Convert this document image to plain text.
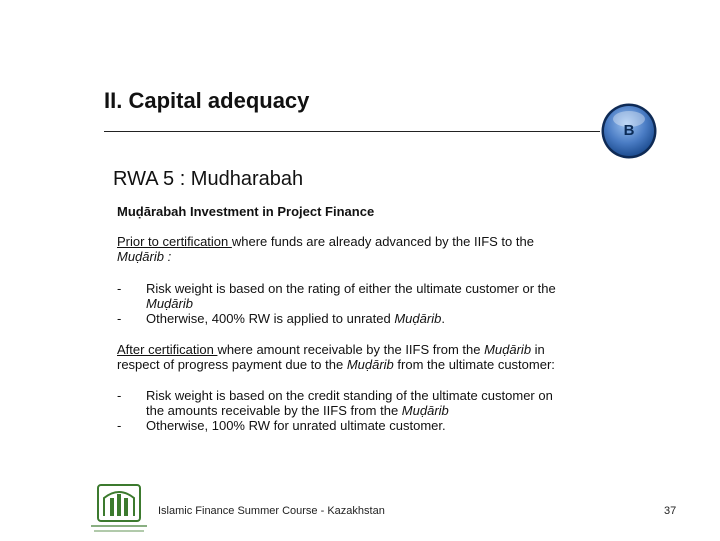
II. Capital adequacy
B
RWA 5 : Mudharabah
Muḍārabah Investment in Project Finance
Prior to certification where funds are already advanced by the IIFS to the
Muḍārib :
- Risk weight is based on the rating of either the ultimate customer or the
Muḍārib
- Otherwise, 400% RW is applied to unrated Muḍārib.
After certification where amount receivable by the IIFS from the Muḍārib in
respect of progress payment due to the Muḍārib from the ultimate customer:
- Risk weight is based on the credit standing of the ultimate customer on
the amounts receivable by the IIFS from the Muḍārib
- Otherwise, 100% RW for unrated ultimate customer.
Islamic Finance Summer Course - Kazakhstan	37
